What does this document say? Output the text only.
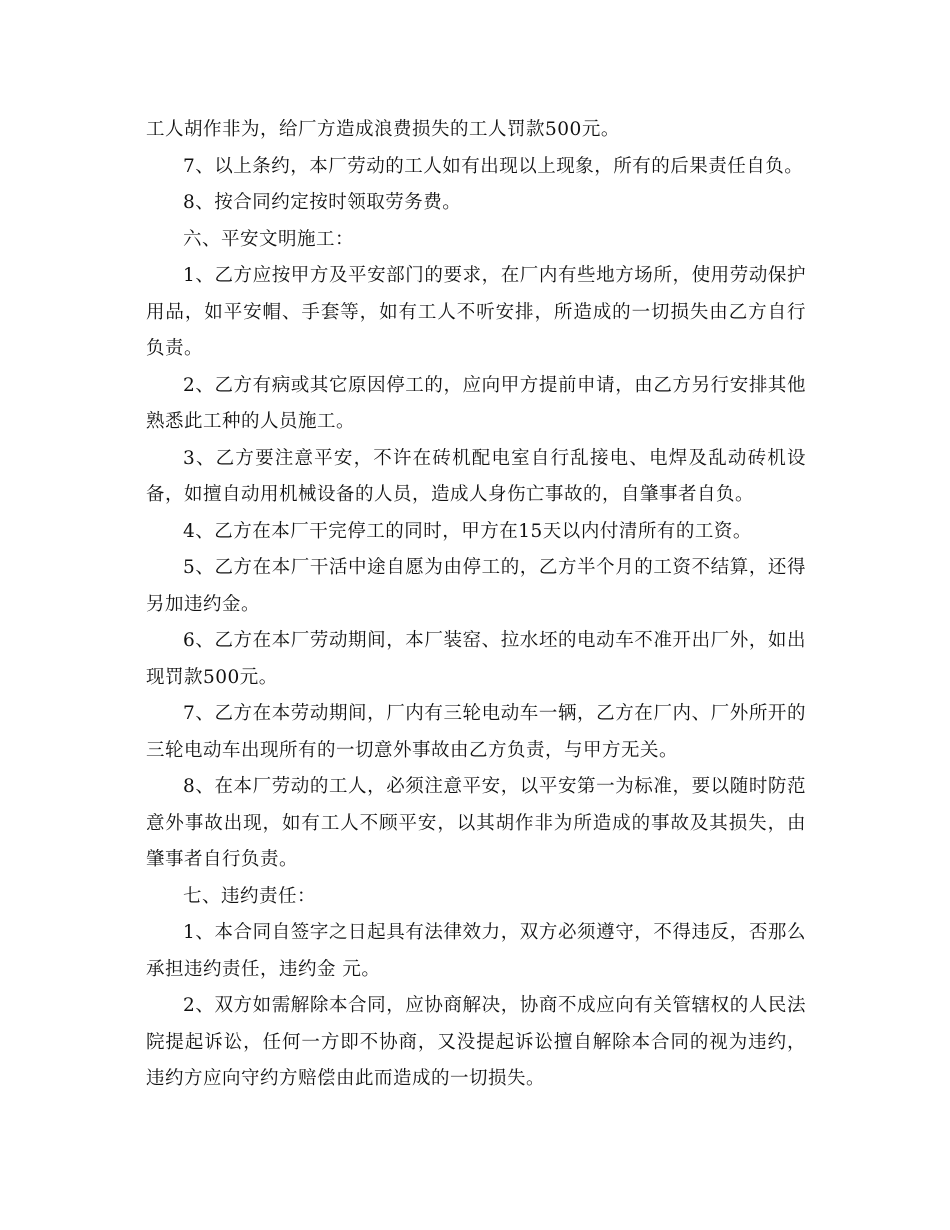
工人胡作非为，给厂方造成浪费损失的工人罚款500元。

7、以上条约，本厂劳动的工人如有出现以上现象，所有的后果责任自负。

8、按合同约定按时领取劳务费。

六、平安文明施工：

1、乙方应按甲方及平安部门的要求，在厂内有些地方场所，使用劳动保护用品，如平安帽、手套等，如有工人不听安排，所造成的一切损失由乙方自行负责。

2、乙方有病或其它原因停工的，应向甲方提前申请，由乙方另行安排其他熟悉此工种的人员施工。

3、乙方要注意平安，不许在砖机配电室自行乱接电、电焊及乱动砖机设备，如擅自动用机械设备的人员，造成人身伤亡事故的，自肇事者自负。

4、乙方在本厂干完停工的同时，甲方在15天以内付清所有的工资。

5、乙方在本厂干活中途自愿为由停工的，乙方半个月的工资不结算，还得另加违约金。

6、乙方在本厂劳动期间，本厂装窑、拉水坯的电动车不准开出厂外，如出现罚款500元。

7、乙方在本劳动期间，厂内有三轮电动车一辆，乙方在厂内、厂外所开的三轮电动车出现所有的一切意外事故由乙方负责，与甲方无关。

8、在本厂劳动的工人，必须注意平安，以平安第一为标准，要以随时防范意外事故出现，如有工人不顾平安，以其胡作非为所造成的事故及其损失，由肇事者自行负责。

七、违约责任：

1、本合同自签字之日起具有法律效力，双方必须遵守，不得违反，否那么承担违约责任，违约金 元。

2、双方如需解除本合同，应协商解决，协商不成应向有关管辖权的人民法院提起诉讼，任何一方即不协商，又没提起诉讼擅自解除本合同的视为违约，违约方应向守约方赔偿由此而造成的一切损失。
